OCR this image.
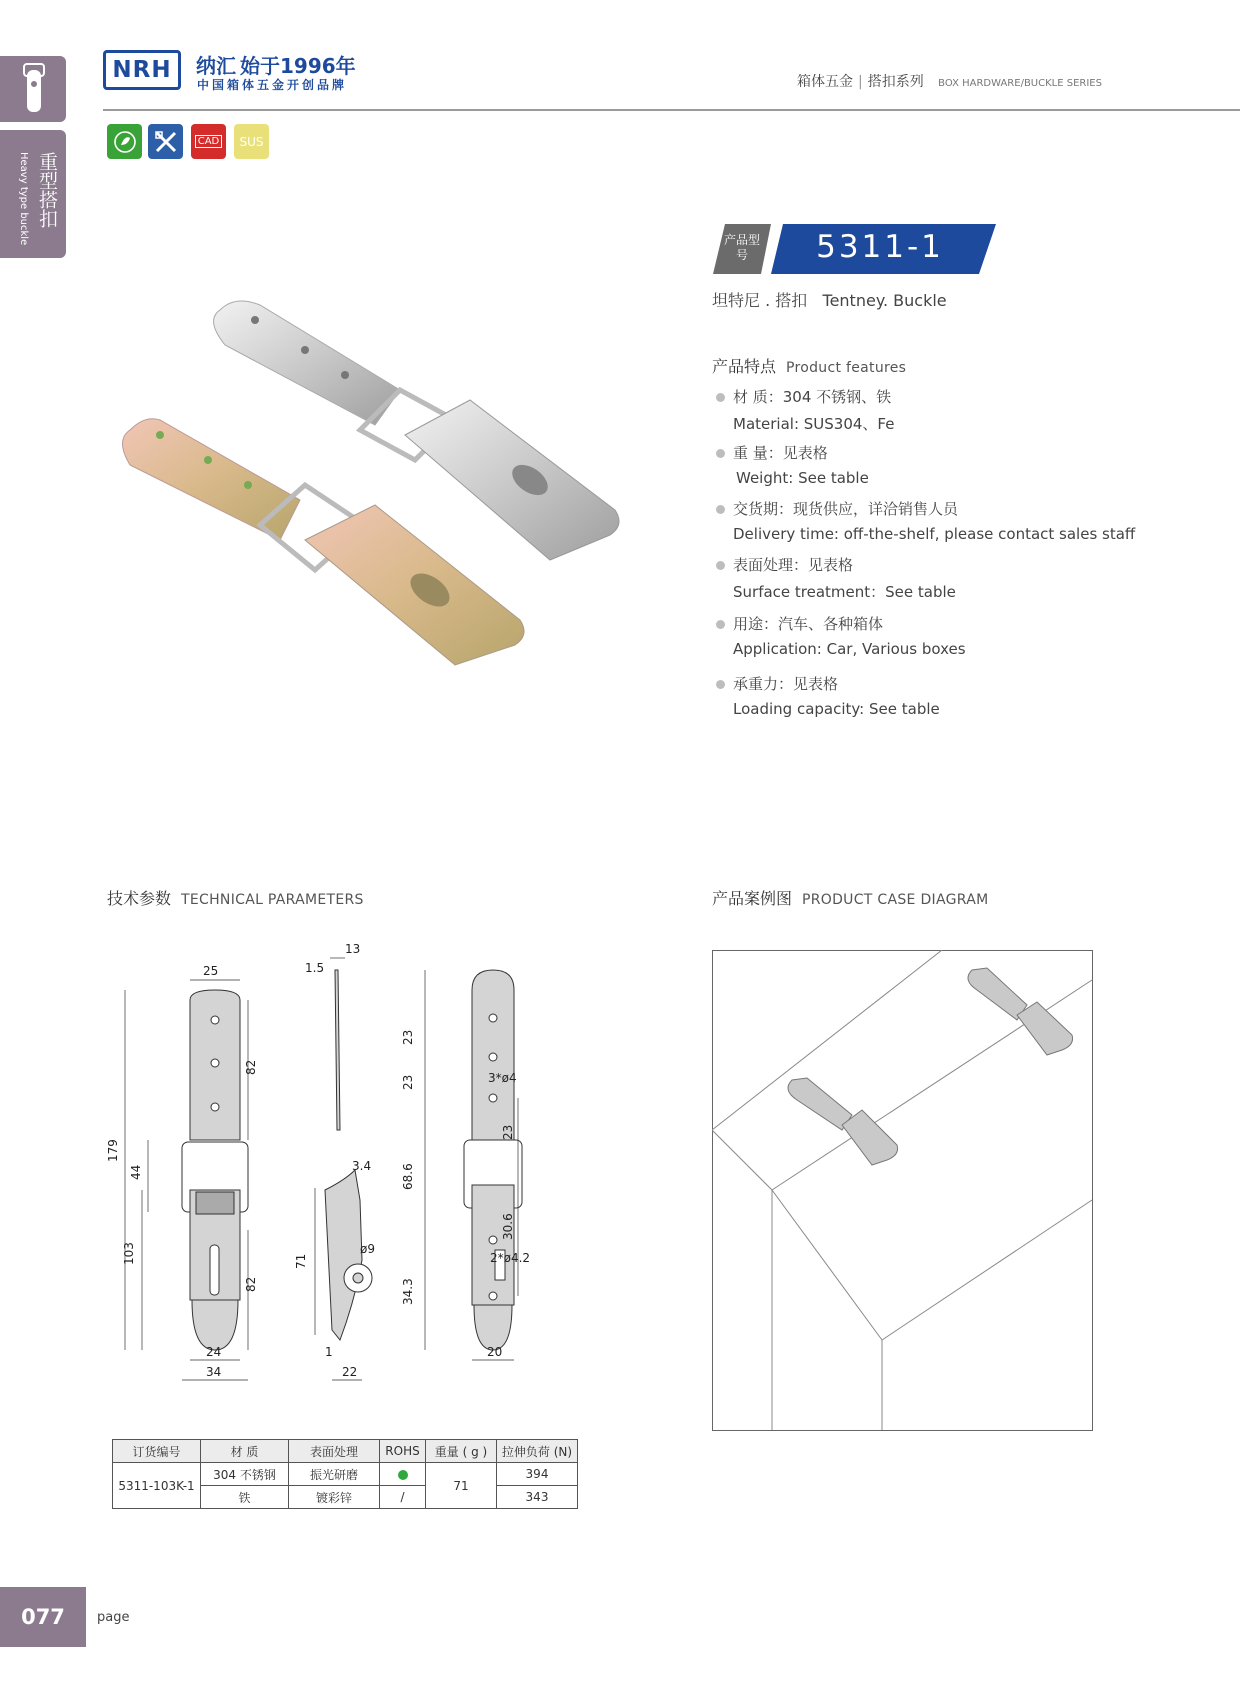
重型搭扣
Heavy type buckle
NRH 纳汇 始于1996年
中国箱体五金开创品牌	箱体五金 | 搭扣系列 BOX HARDWARE/BUCKLE SERIES
CAD SUS
产品型号	5311-1
坦特尼 . 搭扣   Tentney. Buckle
产品特点 Product features
材 质：304 不锈钢、铁
Material: SUS304、Fe
重 量：见表格
Weight: See table
交货期：现货供应，详洽销售人员
Delivery time: off-the-shelf, please contact sales staff
表面处理：见表格
Surface treatment：See table
用途：汽车、各种箱体
Application: Car, Various boxes
承重力：见表格
Loading capacity: See table
技术参数 TECHNICAL PARAMETERS	产品案例图 PRODUCT CASE DIAGRAM
25
179
44
103
82
82
24
34
13
1.5
3.4
71
ø9
1
22
23
23
23
68.6
34.3
30.6
3*ø4
2*ø4.2
20
订货编号	材 质	表面处理	ROHS	重量 ( g )	拉伸负荷 (N)
5311-103K-1	304 不锈钢	振光研磨		71	394
	铁	镀彩锌	/		343
077 page
